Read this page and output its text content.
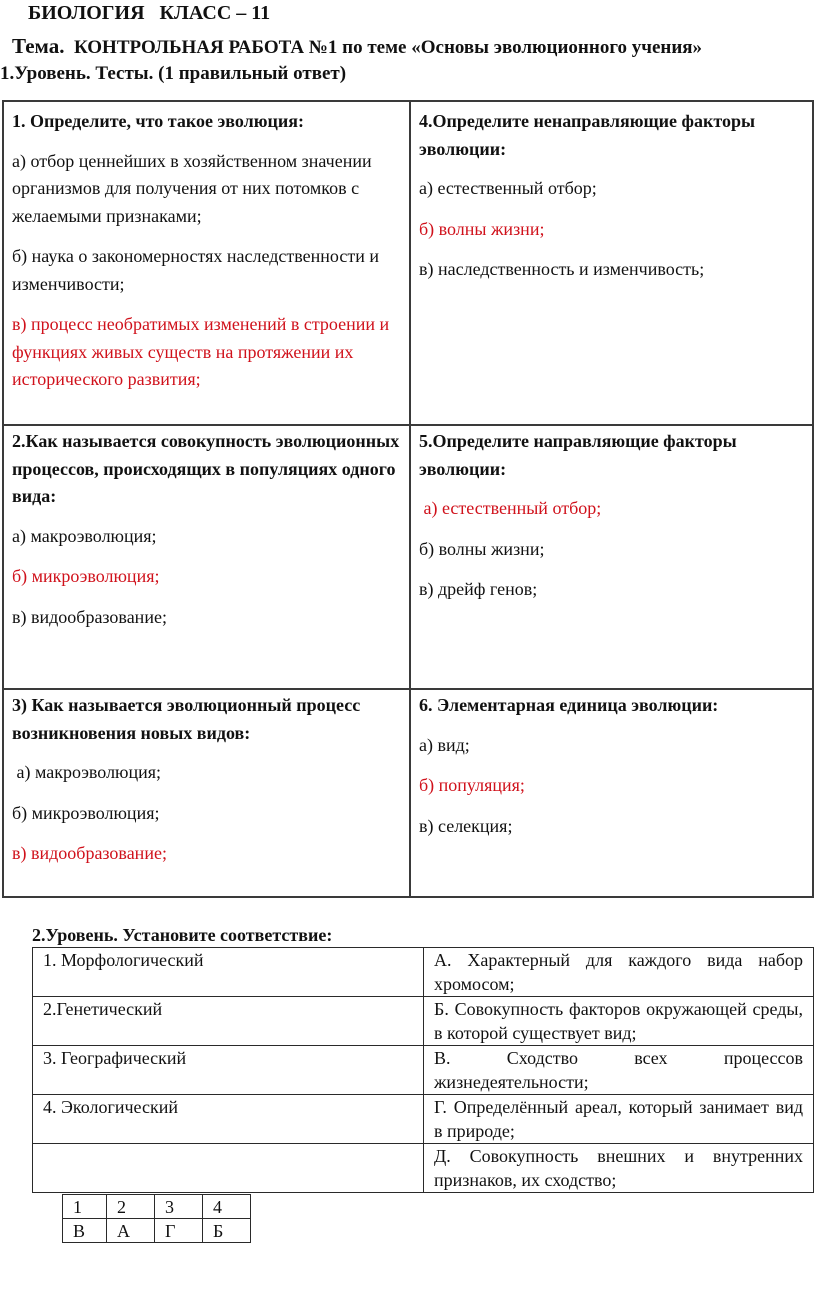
БИОЛОГИЯ   КЛАСС – 11
Тема.  КОНТРОЛЬНАЯ РАБОТА №1 по теме «Основы эволюционного учения»
1.Уровень. Тесты. (1 правильный ответ)
1. Определите, что такое эволюция:
а) отбор ценнейших в хозяйственном значении организмов для получения от них потомков с желаемыми признаками;
б) наука о закономерностях наследственности и изменчивости;
в) процесс необратимых изменений в строении и функциях живых существ на протяжении их исторического развития;
4.Определите ненаправляющие факторы эволюции:
а) естественный отбор;
б) волны жизни;
в) наследственность и изменчивость;
2.Как называется совокупность эволюционных процессов, происходящих в популяциях одного вида:
а) макроэволюция;
б) микроэволюция;
в) видообразование;
5.Определите направляющие факторы эволюции:
а) естественный отбор;
б) волны жизни;
в) дрейф генов;
3) Как называется эволюционный процесс возникновения новых видов:
а) макроэволюция;
б) микроэволюция;
в) видообразование;
6. Элементарная единица эволюции:
а) вид;
б) популяция;
в) селекция;
2.Уровень. Установите соответствие:
1. Морфологический	А. Характерный для каждого вида набор хромосом;
2.Генетический	Б. Совокупность факторов окружающей среды, в которой существует вид;
3. Географический	В. Сходство всех процессов жизнедеятельности;
4. Экологический	Г. Определённый ареал, который занимает вид в природе;
	Д. Совокупность внешних и внутренних признаков, их сходство;
1	2	3	4
В	А	Г	Б
